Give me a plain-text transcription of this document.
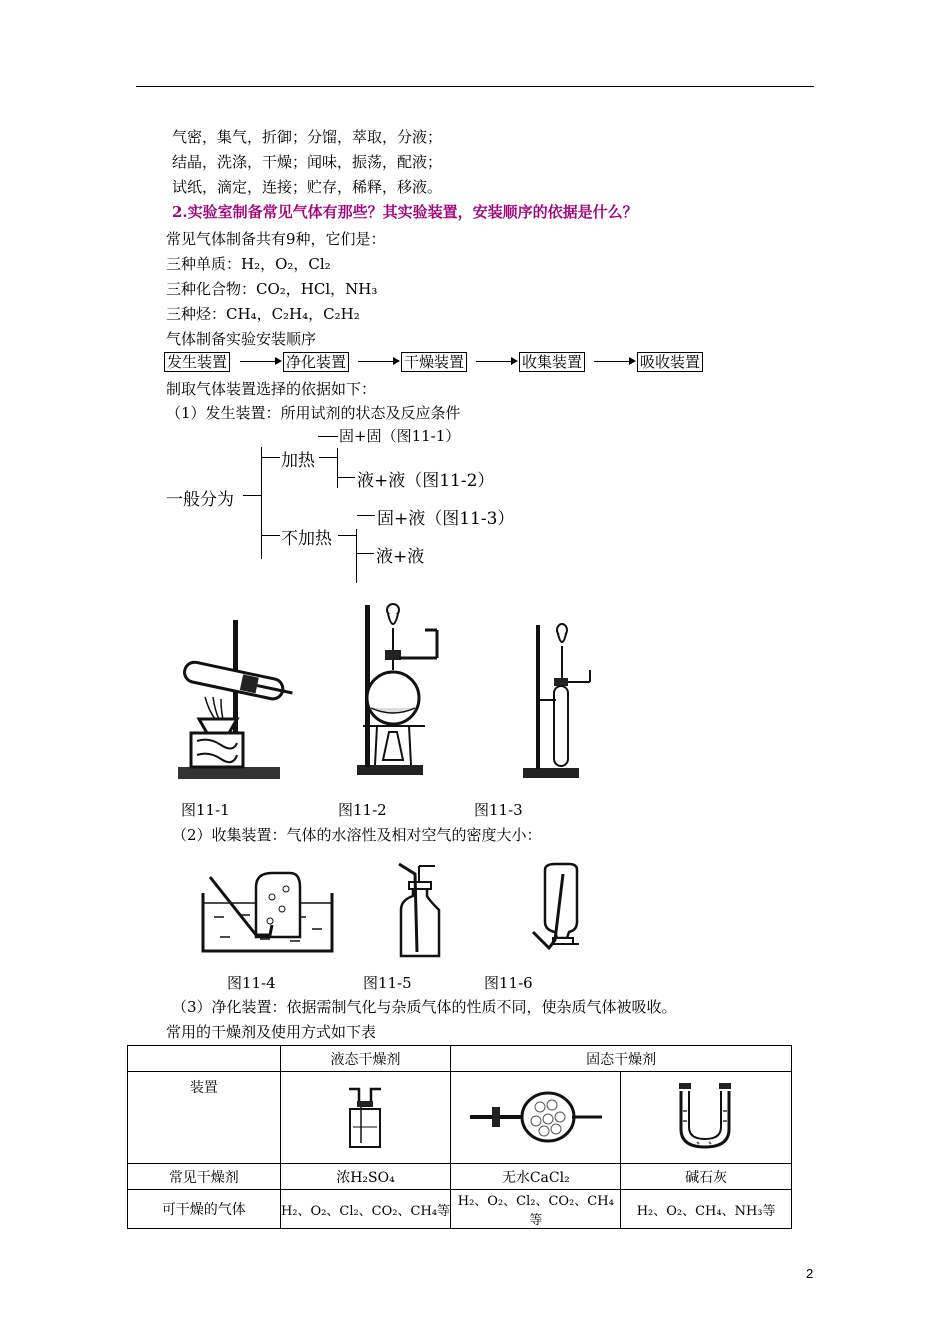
气密，集气，折御；分馏，萃取，分液；
结晶，洗涤，干燥；闻味，振荡，配液；
试纸，滴定，连接；贮存，稀释，移液。
2.实验室制备常见气体有那些？其实验装置，安装顺序的依据是什么？
常见气体制备共有9种，它们是：
三种单质：H₂，O₂，Cl₂
三种化合物：CO₂，HCl，NH₃
三种烃：CH₄，C₂H₄，C₂H₂
气体制备实验安装顺序
发生装置	净化装置	干燥装置	收集装置	吸收装置
制取气体装置选择的依据如下：
（1）发生装置：所用试剂的状态及反应条件
固+固（图11-1）
加热
液+液（图11-2）
一般分为
固+液（图11-3）
不加热
液+液
图11-1	图11-2	图11-3
（2）收集装置：气体的水溶性及相对空气的密度大小：
图11-4	图11-5	图11-6
（3）净化装置：依据需制气化与杂质气体的性质不同，使杂质气体被吸收。
常用的干燥剂及使用方式如下表
	液态干燥剂	固态干燥剂	
装置			
常见干燥剂	浓H₂SO₄	无水CaCl₂	碱石灰
可干燥的气体	H₂、O₂、Cl₂、CO₂、CH₄等	H₂、O₂、Cl₂、CO₂、CH₄等	H₂、O₂、CH₄、NH₃等
2
